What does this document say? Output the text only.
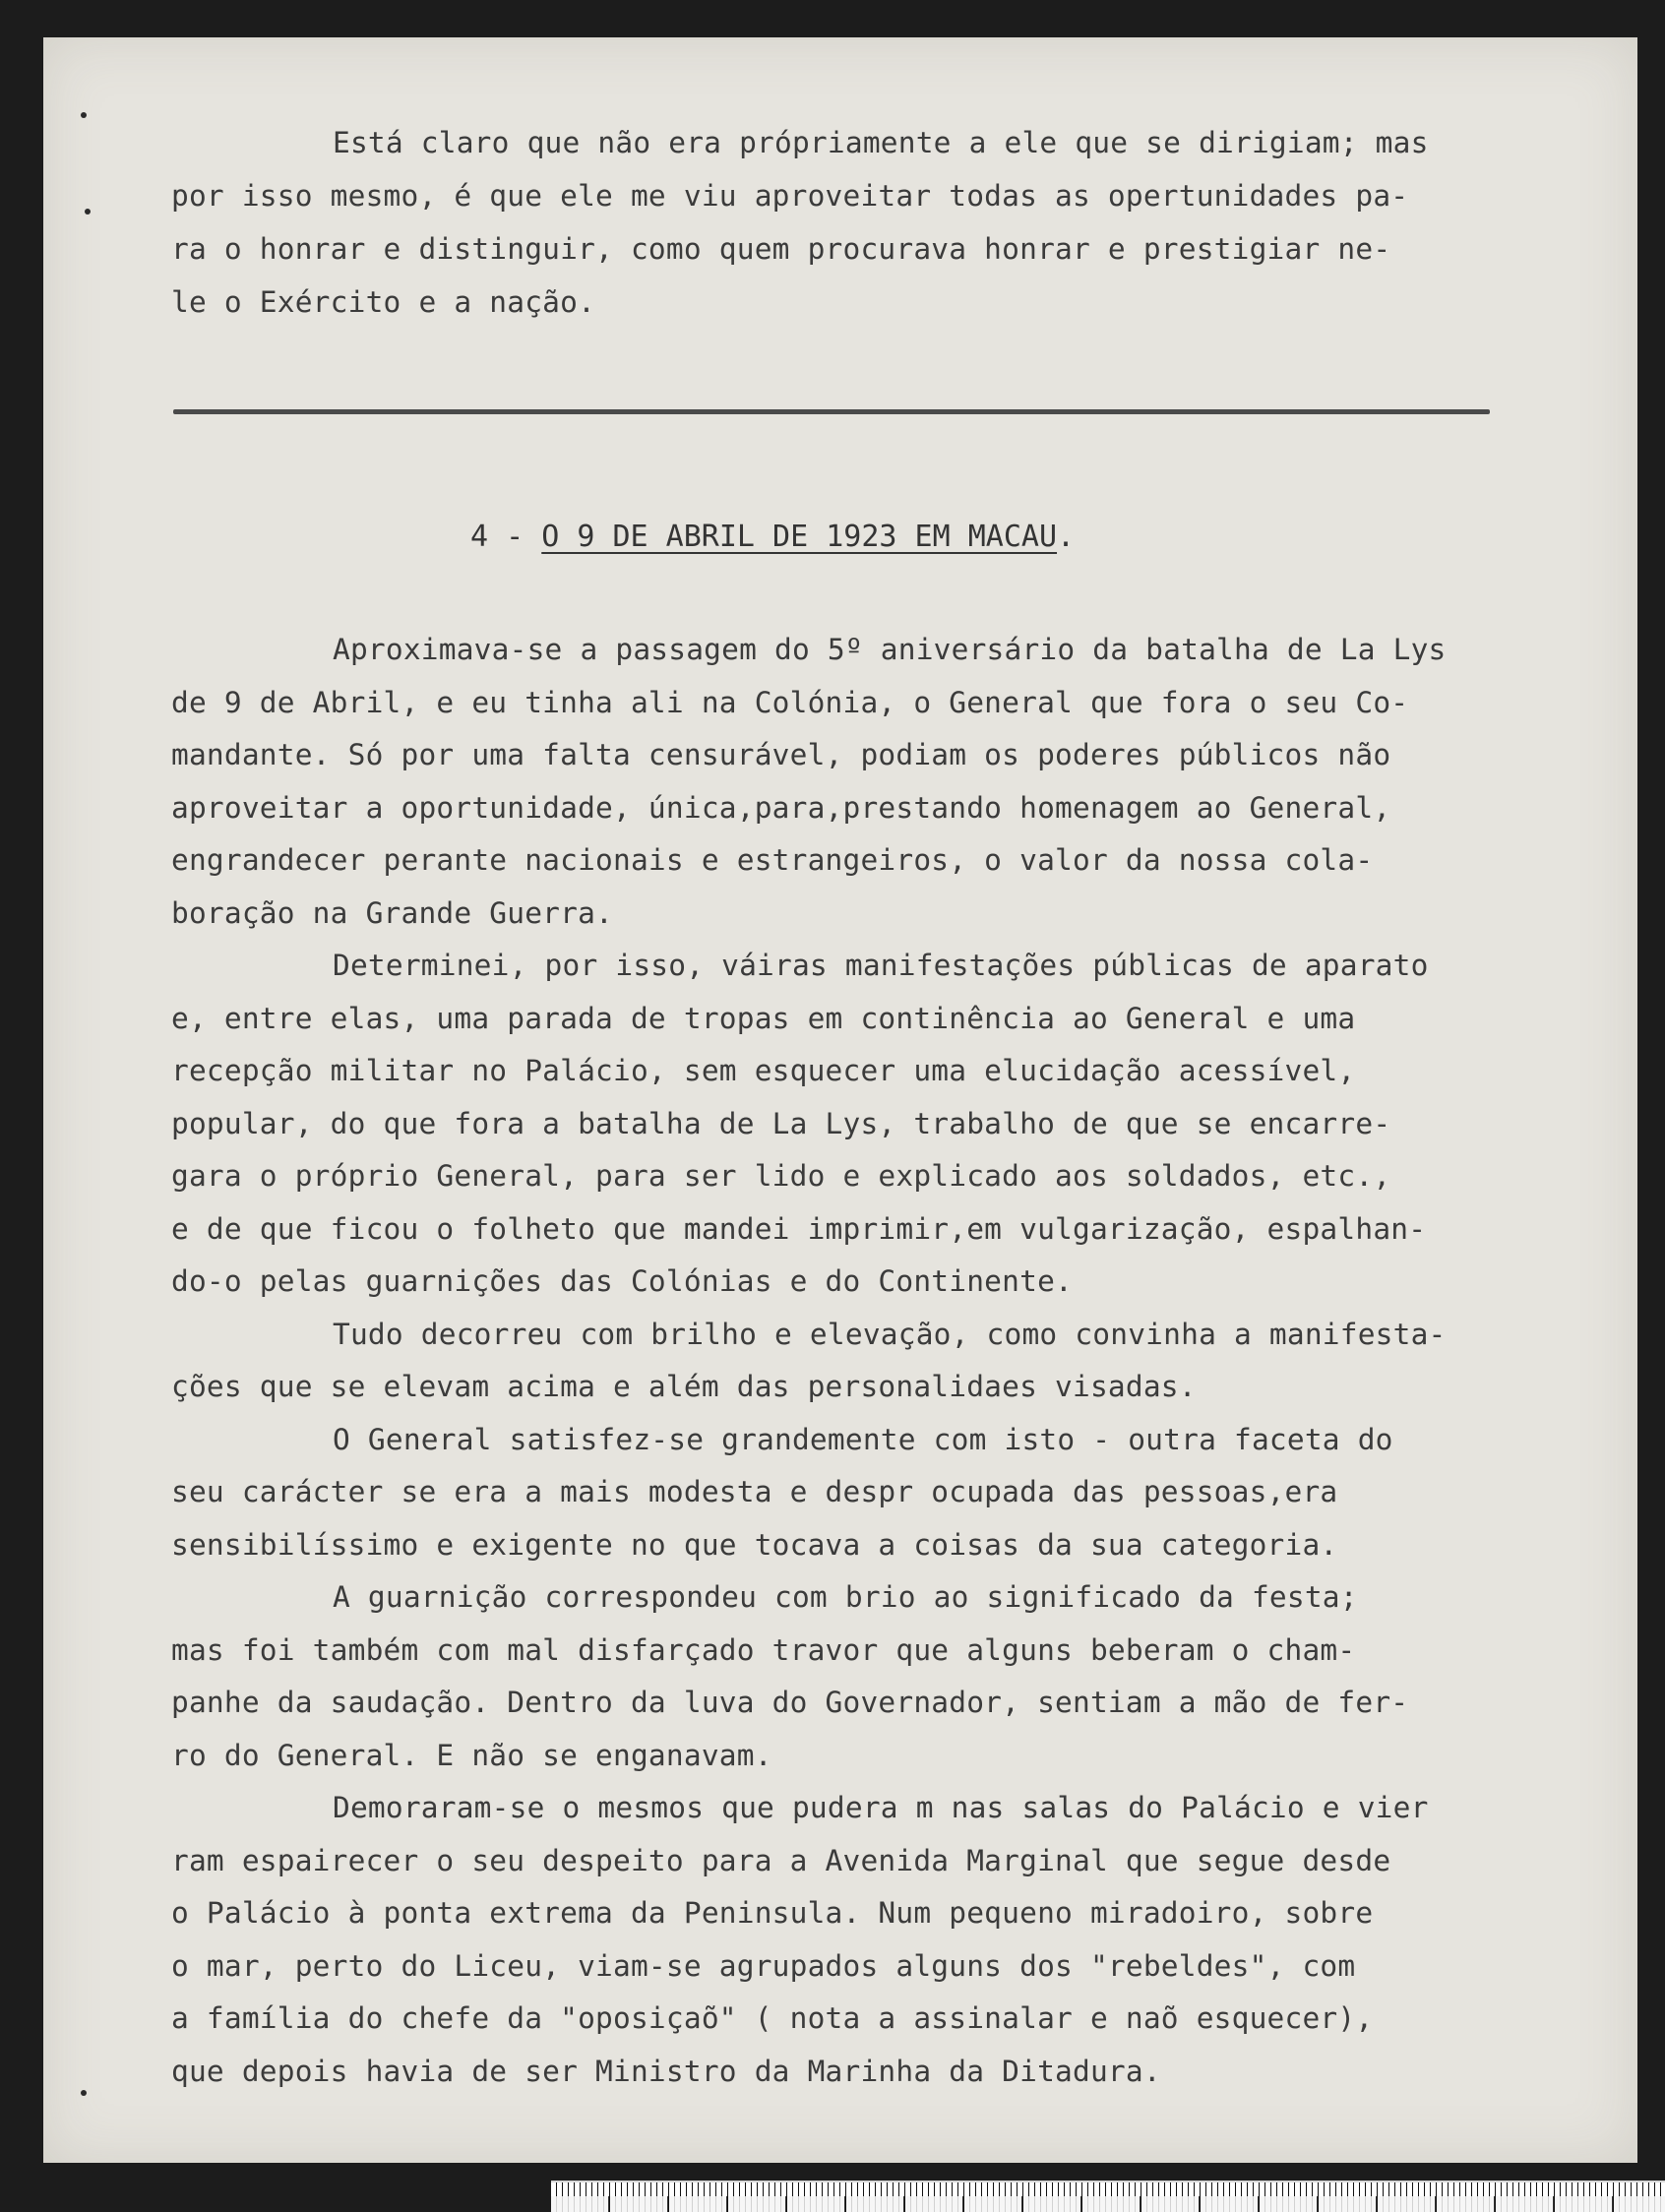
Está claro que não era própriamente a ele que se dirigiam; mas
por isso mesmo, é que ele me viu aproveitar todas as opertunidades pa-
ra o honrar e distinguir, como quem procurava honrar e prestigiar ne-
le o Exército e a nação.
4 - O 9 DE ABRIL DE 1923 EM MACAU.
Aproximava-se a passagem do 5º aniversário da batalha de La Lys
de 9 de Abril, e eu tinha ali na Colónia, o General que fora o seu Co-
mandante. Só por uma falta censurável, podiam os poderes públicos não
aproveitar a oportunidade, única,para,prestando homenagem ao General,
engrandecer perante nacionais e estrangeiros, o valor da nossa cola-
boração na Grande Guerra.
Determinei, por isso, váiras manifestações públicas de aparato
e, entre elas, uma parada de tropas em continência ao General e uma
recepção militar no Palácio, sem esquecer uma elucidação acessível,
popular, do que fora a batalha de La Lys, trabalho de que se encarre-
gara o próprio General, para ser lido e explicado aos soldados, etc.,
e de que ficou o folheto que mandei imprimir,em vulgarização, espalhan-
do-o pelas guarnições das Colónias e do Continente.
Tudo decorreu com brilho e elevação, como convinha a manifesta-
ções que se elevam acima e além das personalidaes visadas.
O General satisfez-se grandemente com isto - outra faceta do
seu carácter se era a mais modesta e despr ocupada das pessoas,era
sensibilíssimo e exigente no que tocava a coisas da sua categoria.
A guarnição correspondeu com brio ao significado da festa;
mas foi também com mal disfarçado travor que alguns beberam o cham-
panhe da saudação. Dentro da luva do Governador, sentiam a mão de fer-
ro do General. E não se enganavam.
Demoraram-se o mesmos que pudera m nas salas do Palácio e vier
ram espairecer o seu despeito para a Avenida Marginal que segue desde
o Palácio à ponta extrema da Peninsula. Num pequeno miradoiro, sobre
o mar, perto do Liceu, viam-se agrupados alguns dos "rebeldes", com
a família do chefe da "oposiçaõ" ( nota a assinalar e naõ esquecer),
que depois havia de ser Ministro da Marinha da Ditadura.
